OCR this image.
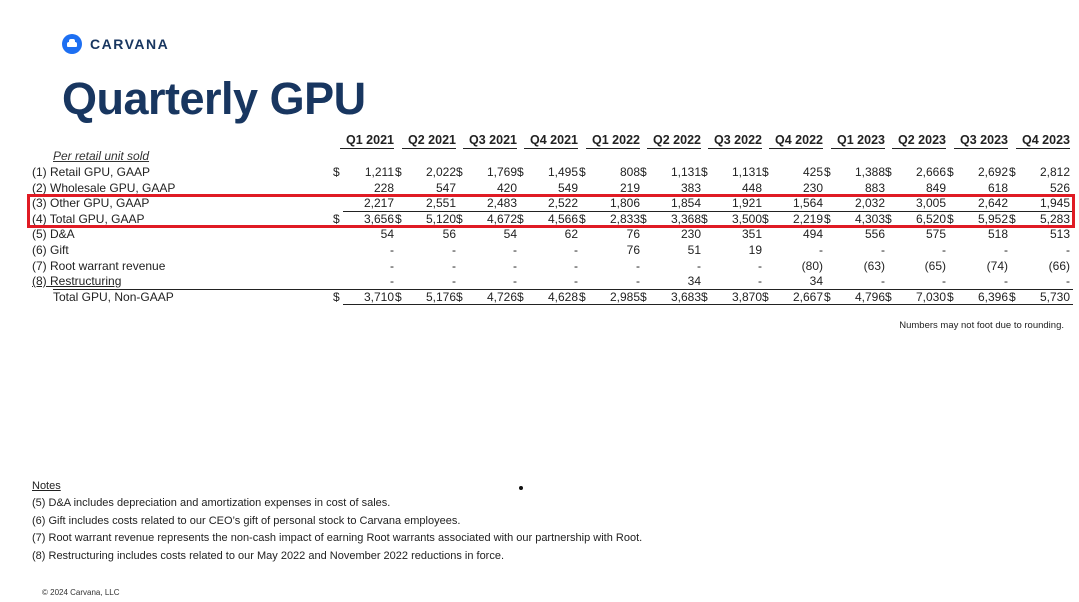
CARVANA
Quarterly GPU
Per retail unit sold
Q1 2021	Q2 2021	Q3 2021	Q4 2021	Q1 2022	Q2 2022	Q3 2022	Q4 2022	Q1 2023	Q2 2023	Q3 2023	Q4 2023
(1) Retail GPU, GAAP	$ 1,211 $ 2,022 $ 1,769 $ 1,495 $	808 $ 1,131 $ 1,131 $	425 $ 1,388 $ 2,666 $ 2,692 $ 2,812
(2) Wholesale GPU, GAAP	228	547	420	549	219	383	448	230	883	849	618	526
(3) Other GPU, GAAP	2,217	2,551	2,483	2,522	1,806	1,854	1,921	1,564	2,032	3,005	2,642	1,945
(4) Total GPU, GAAP	$ 3,656 $ 5,120 $ 4,672 $ 4,566 $ 2,833 $ 3,368 $ 3,500 $ 2,219 $ 4,303 $ 6,520 $ 5,952 $ 5,283
(5) D&A	54	56	54	62	76	230	351	494	556	575	518	513
(6) Gift	-	-	-	-	76	51	19	-	-	-	-	-
(7) Root warrant revenue	-	-	-	-	-	-	-	(80)	(63)	(65)	(74)	(66)
(8) Restructuring	-	-	-	-	-	34	-	34	-	-	-	-
Total GPU, Non-GAAP	$ 3,710 $ 5,176 $ 4,726 $ 4,628 $ 2,985 $ 3,683 $ 3,870 $ 2,667 $ 4,796 $ 7,030 $ 6,396 $ 5,730
Numbers may not foot due to rounding.
Notes
(5) D&A includes depreciation and amortization expenses in cost of sales.
(6) Gift includes costs related to our CEO’s gift of personal stock to Carvana employees.
(7) Root warrant revenue represents the non-cash impact of earning Root warrants associated with our partnership with Root.
(8) Restructuring includes costs related to our May 2022 and November 2022 reductions in force.
© 2024 Carvana, LLC
